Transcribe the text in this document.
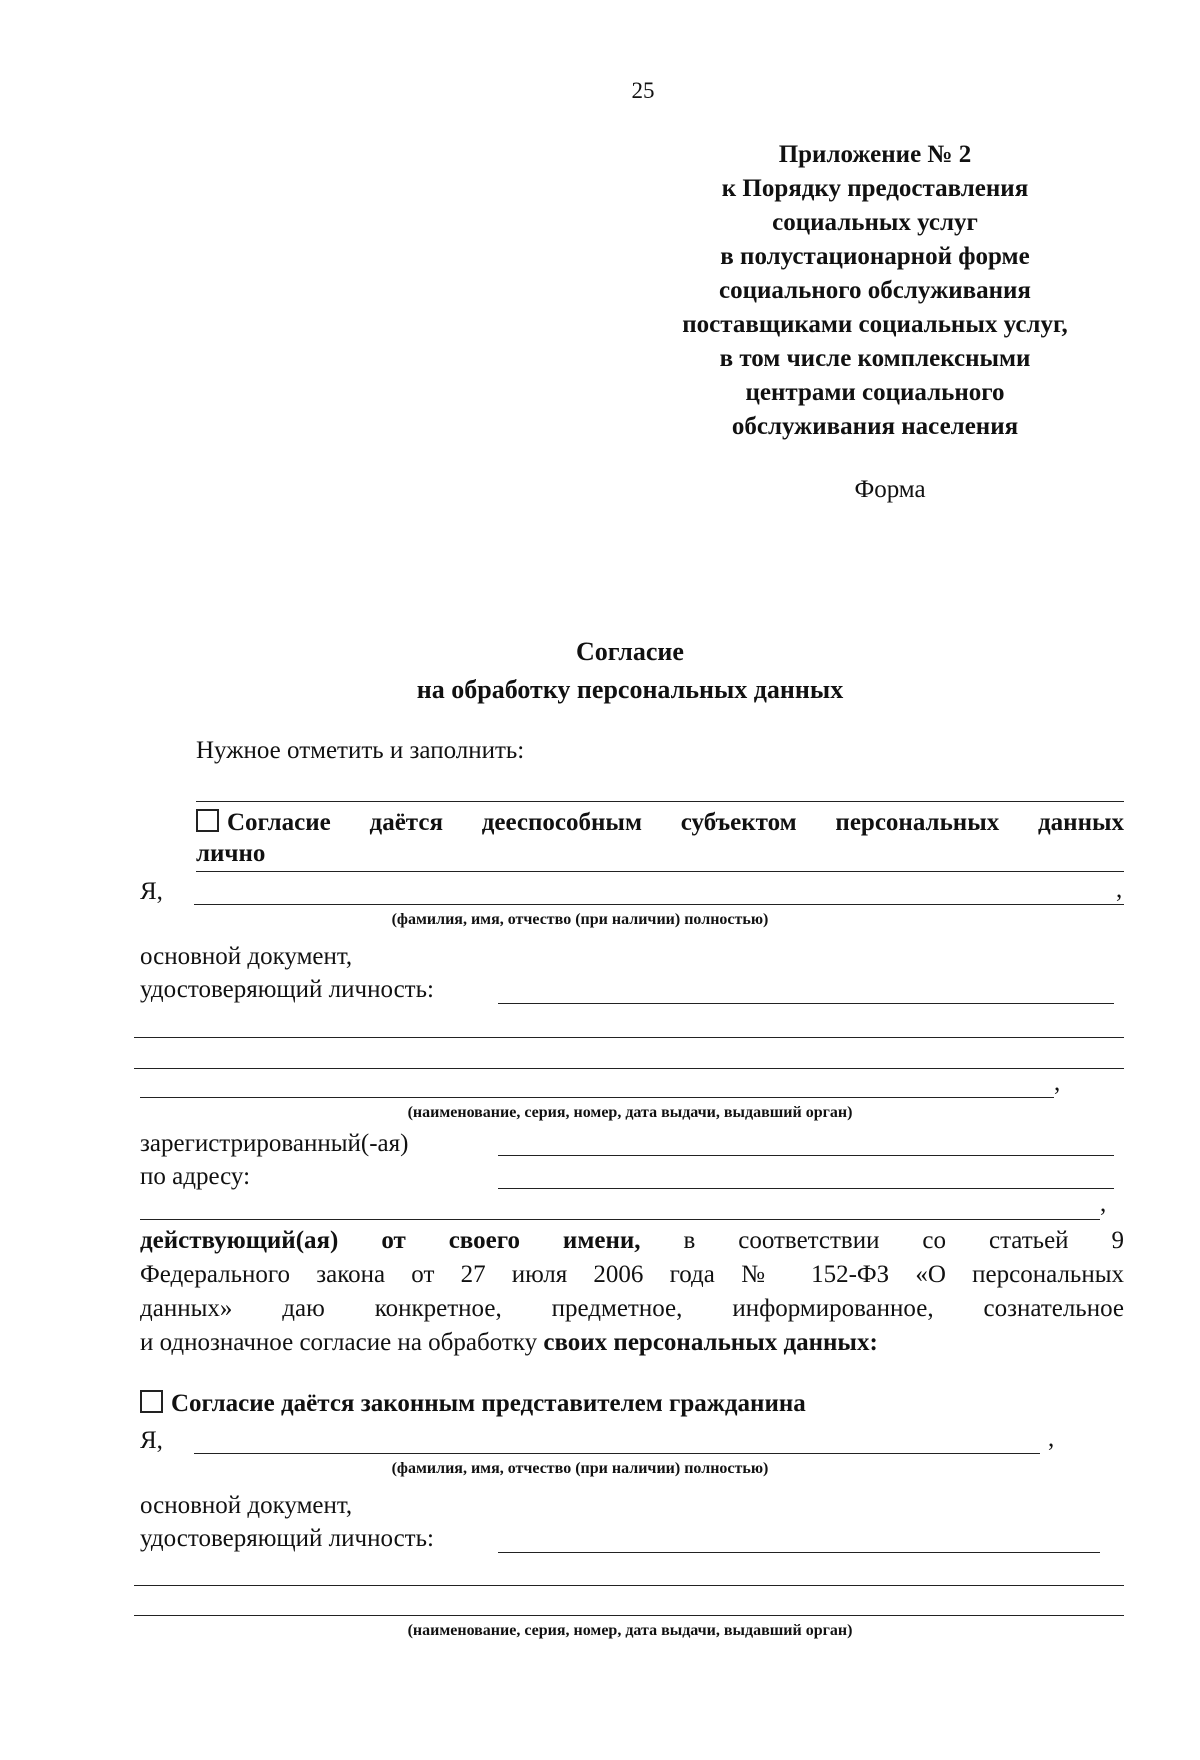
25
Приложение № 2
к Порядку предоставления
социальных услуг
в полустационарной форме
социального обслуживания
поставщиками социальных услуг,
в том числе комплексными
центрами социального
обслуживания населения
Форма
Согласие
на обработку персональных данных
Нужное отметить и заполнить:
Согласие даётся дееспособным субъектом персональных данных
лично
Я,	,
(фамилия, имя, отчество (при наличии) полностью)
основной документ,
удостоверяющий личность:
,
(наименование, серия, номер, дата выдачи, выдавший орган)
зарегистрированный(-ая)
по адресу:
,
действующий(ая) от своего имени, в соответствии со статьей 9
Федерального закона от 27 июля 2006 года № 152-ФЗ «О персональных
данных» даю конкретное, предметное, информированное, сознательное
и однозначное согласие на обработку своих персональных данных:
Согласие даётся законным представителем гражданина
Я,	,
(фамилия, имя, отчество (при наличии) полностью)
основной документ,
удостоверяющий личность:
(наименование, серия, номер, дата выдачи, выдавший орган)
